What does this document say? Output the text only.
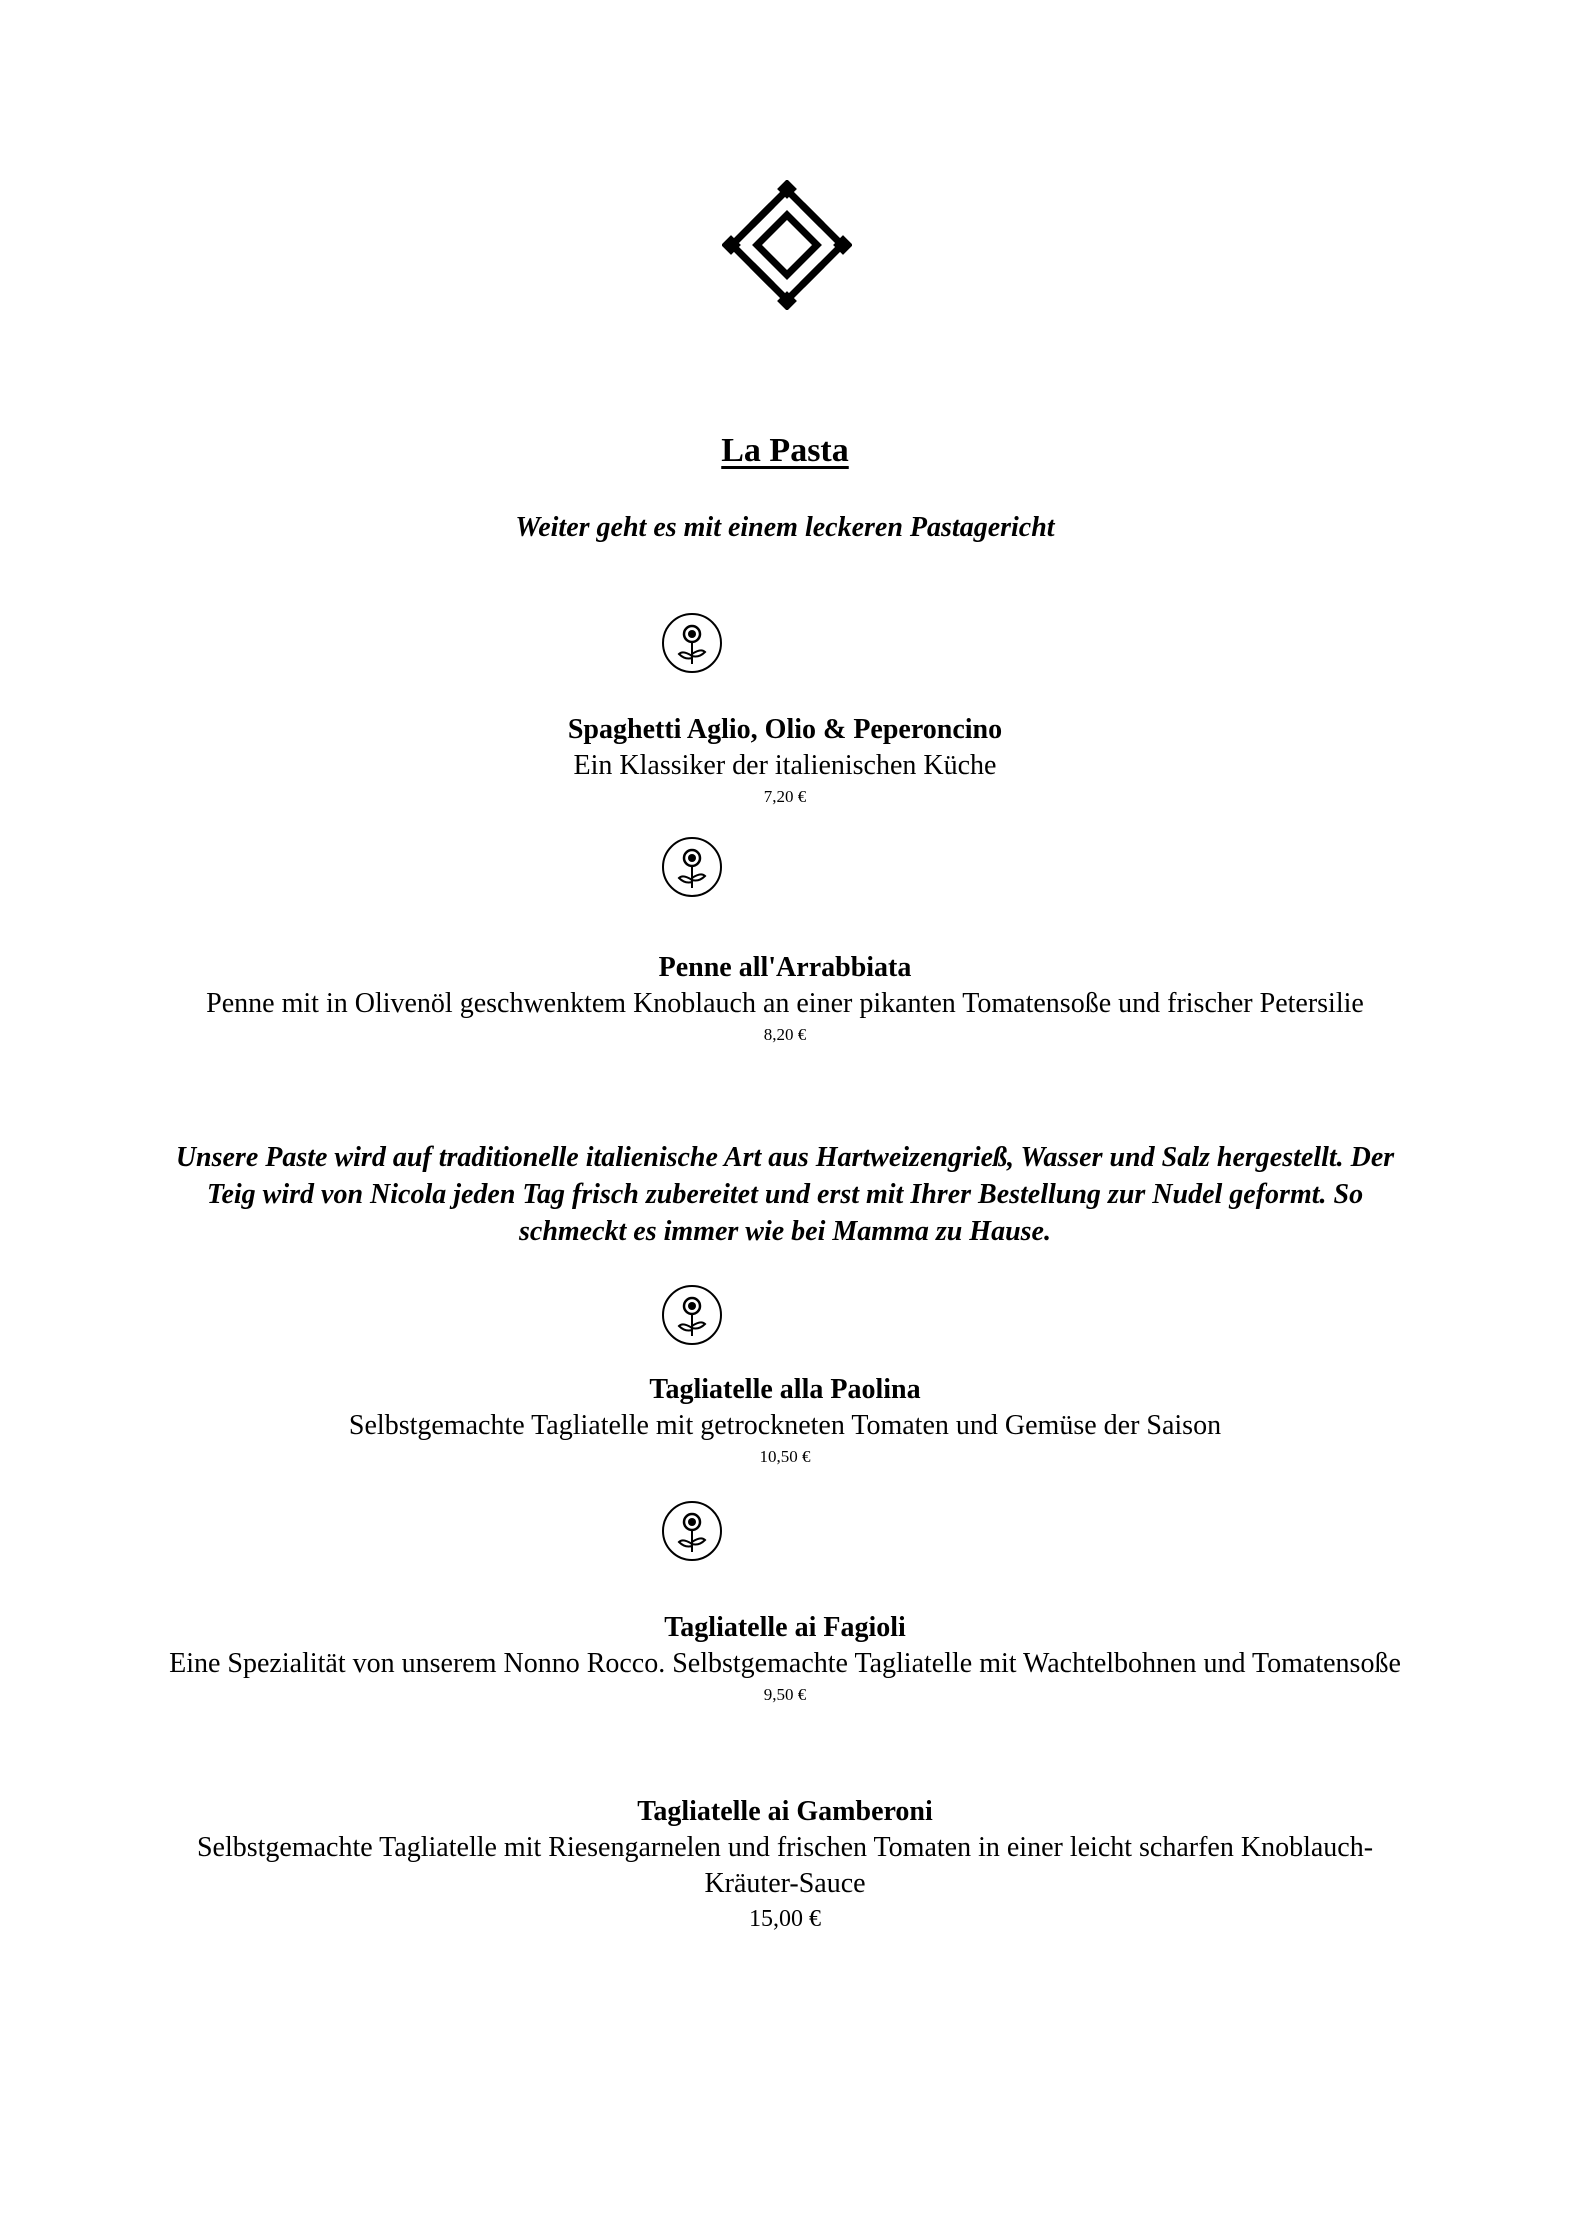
La Pasta
Weiter geht es mit einem leckeren Pastagericht
Spaghetti Aglio, Olio & Peperoncino
Ein Klassiker der italienischen Küche
7,20 €
Penne all'Arrabbiata
Penne mit in Olivenöl geschwenktem Knoblauch an einer pikanten Tomatensoße und frischer Petersilie
8,20 €
Unsere Paste wird auf traditionelle italienische Art aus Hartweizengrieß, Wasser und Salz hergestellt. Der Teig wird von Nicola jeden Tag frisch zubereitet und erst mit Ihrer Bestellung zur Nudel geformt. So schmeckt es immer wie bei Mamma zu Hause.
Tagliatelle alla Paolina
Selbstgemachte Tagliatelle mit getrockneten Tomaten und Gemüse der Saison
10,50 €
Tagliatelle ai Fagioli
Eine Spezialität von unserem Nonno Rocco. Selbstgemachte Tagliatelle mit Wachtelbohnen und Tomatensoße
9,50 €
Tagliatelle ai Gamberoni
Selbstgemachte Tagliatelle mit Riesengarnelen und frischen Tomaten in einer leicht scharfen Knoblauch-Kräuter-Sauce
15,00 €
